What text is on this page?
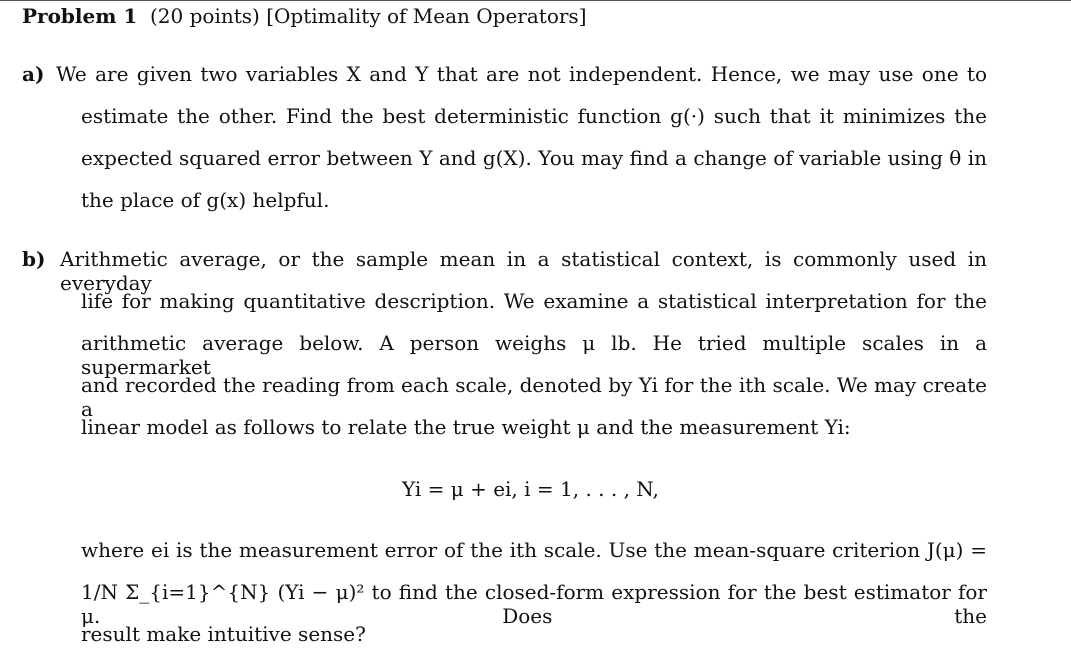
Problem 1 (20 points) [Optimality of Mean Operators]
a) We are given two variables X and Y that are not independent. Hence, we may use one to
estimate the other. Find the best deterministic function g(·) such that it minimizes the
expected squared error between Y and g(X). You may find a change of variable using θ in
the place of g(x) helpful.
b) Arithmetic average, or the sample mean in a statistical context, is commonly used in everyday
life for making quantitative description. We examine a statistical interpretation for the
arithmetic average below. A person weighs μ lb. He tried multiple scales in a supermarket
and recorded the reading from each scale, denoted by Yi for the ith scale. We may create a
linear model as follows to relate the true weight μ and the measurement Yi:
Yi = μ + ei, i = 1, . . . , N,
where ei is the measurement error of the ith scale. Use the mean-square criterion J(μ) =
1/N Σ_{i=1}^{N} (Yi − μ)² to find the closed-form expression for the best estimator for μ. Does the
result make intuitive sense?
